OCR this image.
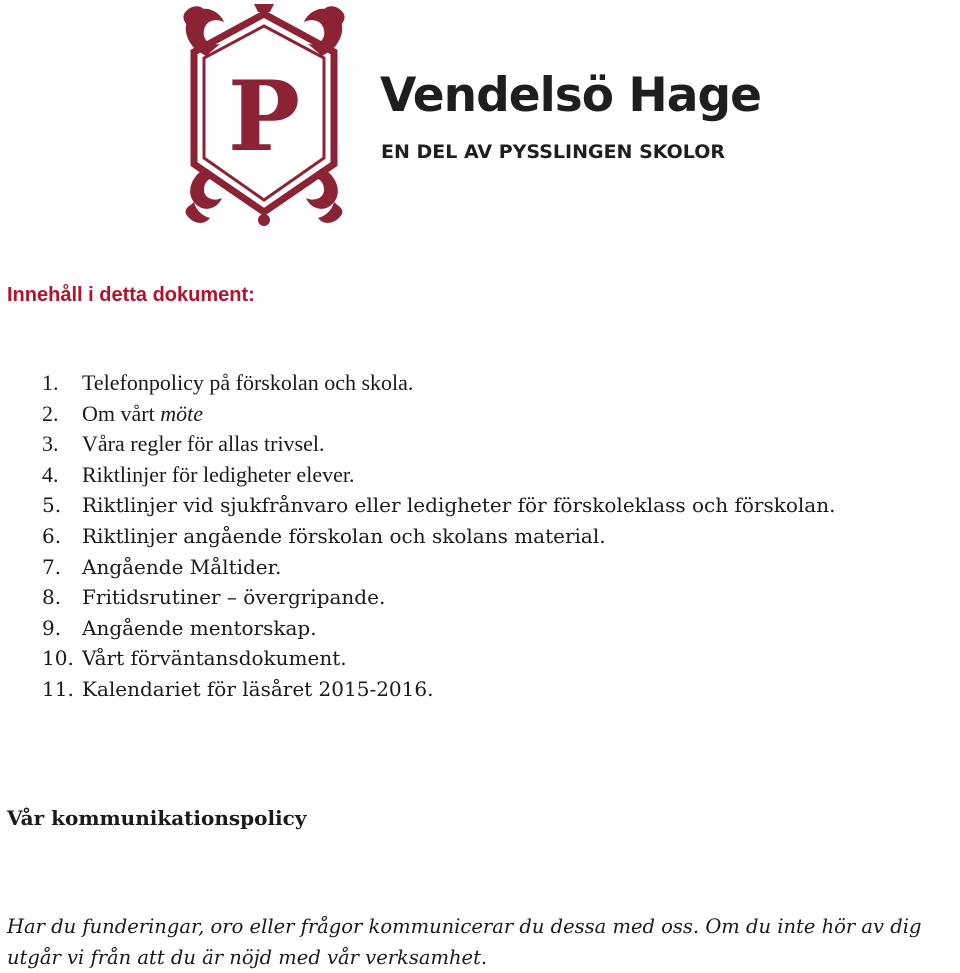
P Vendelsö Hage
EN DEL AV PYSSLINGEN SKOLOR
Innehåll i detta dokument:
1. Telefonpolicy på förskolan och skola.
2. Om vårt möte
3. Våra regler för allas trivsel.
4. Riktlinjer för ledigheter elever.
5. Riktlinjer vid sjukfrånvaro eller ledigheter för förskoleklass och förskolan.
6. Riktlinjer angående förskolan och skolans material.
7. Angående Måltider.
8. Fritidsrutiner – övergripande.
9. Angående mentorskap.
10. Vårt förväntansdokument.
11. Kalendariet för läsåret 2015-2016.
Vår kommunikationspolicy

Har du funderingar, oro eller frågor kommunicerar du dessa med oss. Om du inte hör av dig utgår vi från att du är nöjd med vår verksamhet.
